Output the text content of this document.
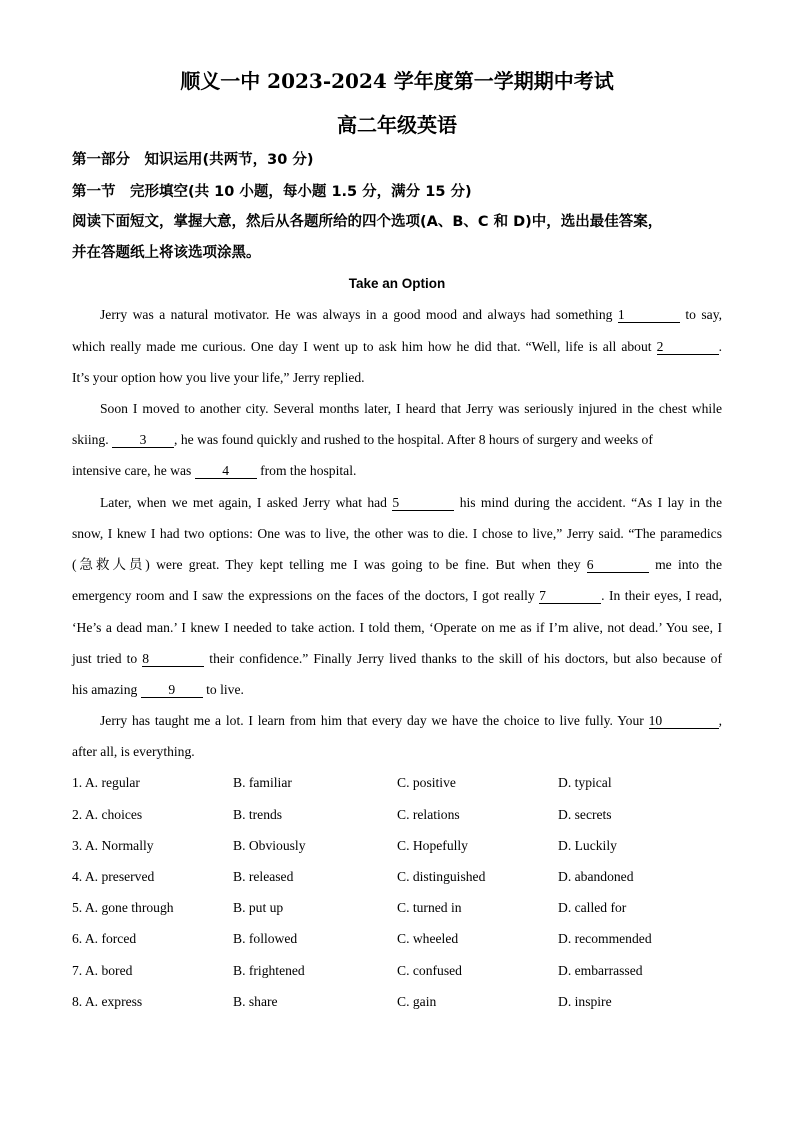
顺义一中 2023-2024 学年度第一学期期中考试
高二年级英语
第一部分　知识运用(共两节，30 分)
第一节　完形填空(共 10 小题，每小题 1.5 分，满分 15 分)
阅读下面短文，掌握大意，然后从各题所给的四个选项(A、B、C 和 D)中，选出最佳答案，
并在答题纸上将该选项涂黑。
Take an Option
Jerry was a natural motivator. He was always in a good mood and always had something 1	to say,
which really made me curious. One day I went up to ask him how he did that. “Well, life is all about 2	.
It’s your option how you live your life,” Jerry replied.
Soon I moved to another city. Several months later, I heard that Jerry was seriously injured in the chest while
skiing. 3 , he was found quickly and rushed to the hospital. After 8 hours of surgery and weeks of
intensive care, he was 4 from the hospital.
Later, when we met again, I asked Jerry what had 5	his mind during the accident. “As I lay in the
snow, I knew I had two options: One was to live, the other was to die. I chose to live,” Jerry said. “The paramedics
(急救人员) were great. They kept telling me I was going to be fine. But when they 6	me into the
emergency room and I saw the expressions on the faces of the doctors, I got really 7	. In their eyes, I read,
‘He’s a dead man.’ I knew I needed to take action. I told them, ‘Operate on me as if I’m alive, not dead.’ You see, I
just tried to 8	their confidence.” Finally Jerry lived thanks to the skill of his doctors, but also because of
his amazing 9 to live.
Jerry has taught me a lot. I learn from him that every day we have the choice to live fully. Your 10	,
after all, is everything.
1. A. regular	B. familiar	C. positive	D. typical
2. A. choices	B. trends	C. relations	D. secrets
3. A. Normally	B. Obviously	C. Hopefully	D. Luckily
4. A. preserved	B. released	C. distinguished	D. abandoned
5. A. gone through	B. put up	C. turned in	D. called for
6. A. forced	B. followed	C. wheeled	D. recommended
7. A. bored	B. frightened	C. confused	D. embarrassed
8. A. express	B. share	C. gain	D. inspire
